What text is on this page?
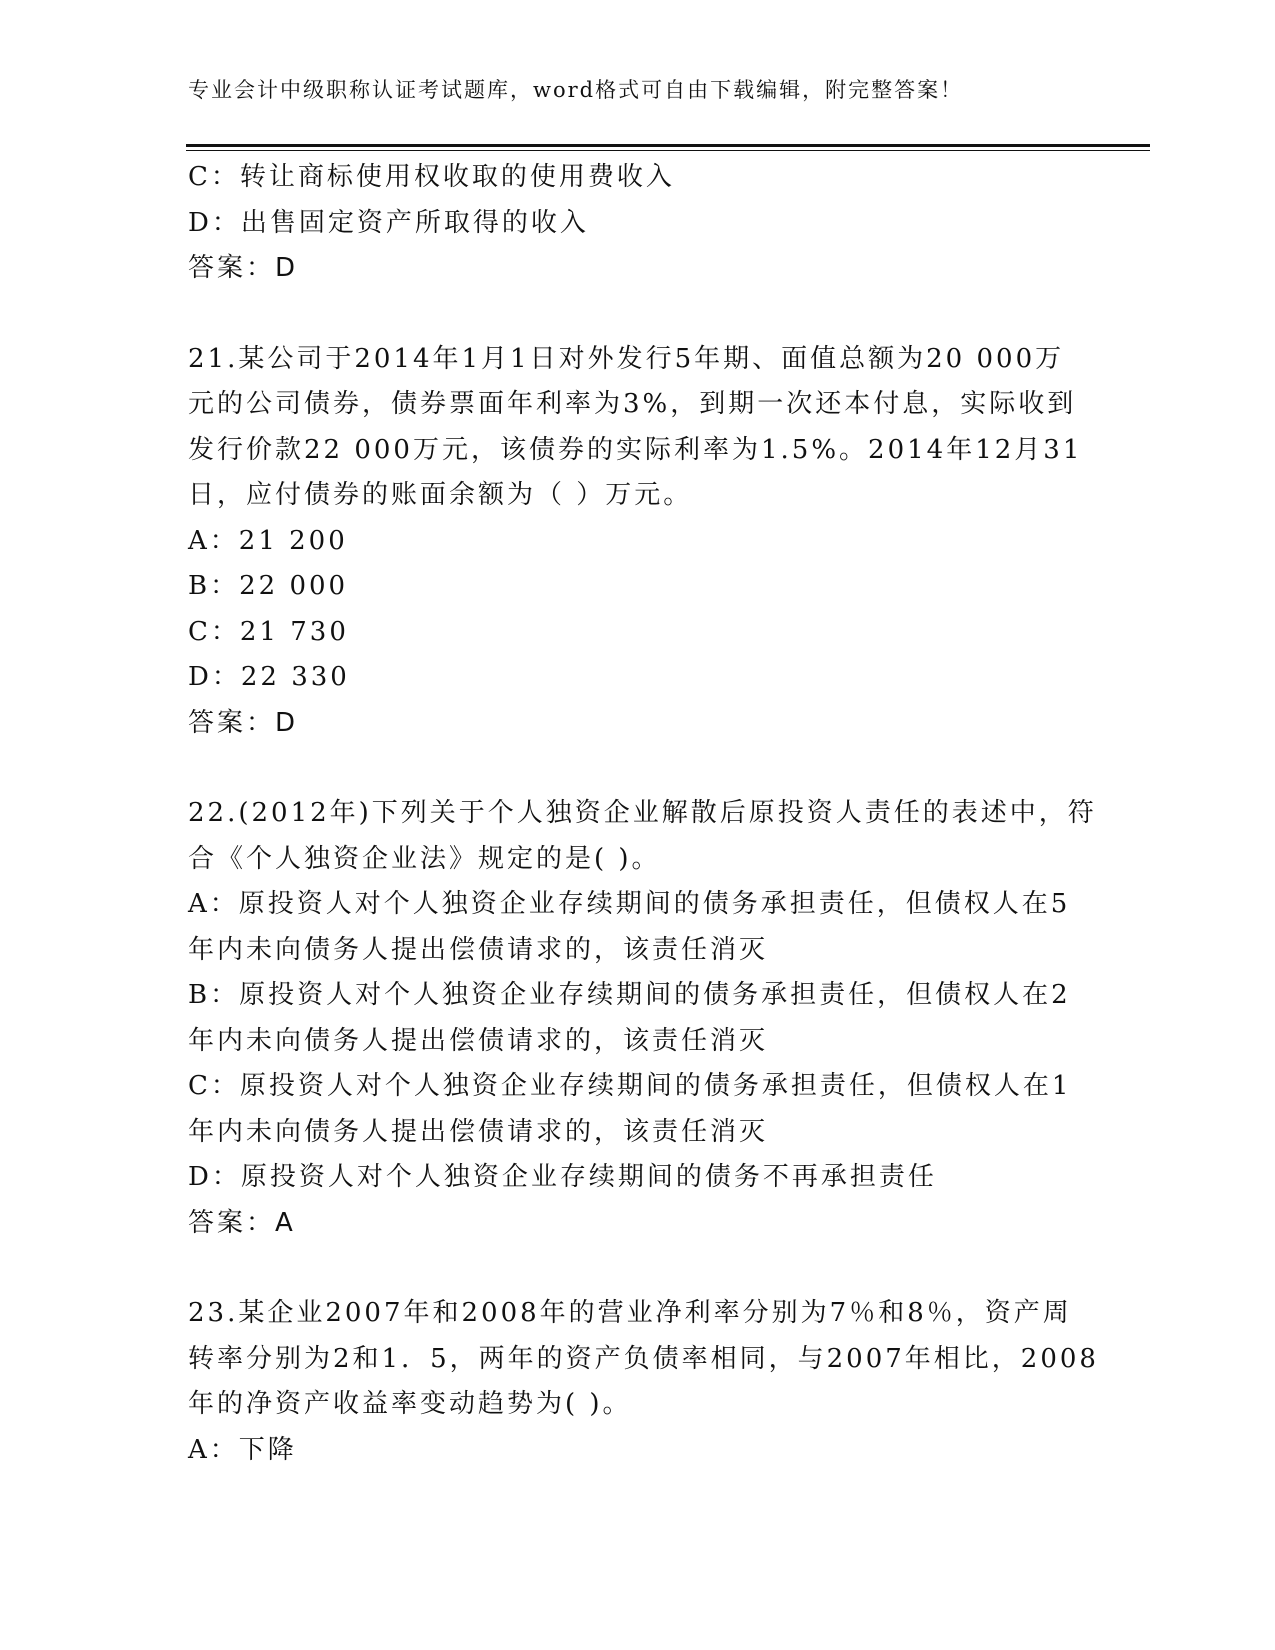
专业会计中级职称认证考试题库，word格式可自由下载编辑，附完整答案！
C：转让商标使用权收取的使用费收入
D：出售固定资产所取得的收入
答案：D
21.某公司于2014年1月1日对外发行5年期、面值总额为20 000万
元的公司债券，债券票面年利率为3%，到期一次还本付息，实际收到
发行价款22 000万元，该债券的实际利率为1.5%。2014年12月31
日，应付债券的账面余额为（ ）万元。
A：21 200
B：22 000
C：21 730
D：22 330
答案：D
22.(2012年)下列关于个人独资企业解散后原投资人责任的表述中，符
合《个人独资企业法》规定的是( )。
A：原投资人对个人独资企业存续期间的债务承担责任，但债权人在5
年内未向债务人提出偿债请求的，该责任消灭
B：原投资人对个人独资企业存续期间的债务承担责任，但债权人在2
年内未向债务人提出偿债请求的，该责任消灭
C：原投资人对个人独资企业存续期间的债务承担责任，但债权人在1
年内未向债务人提出偿债请求的，该责任消灭
D：原投资人对个人独资企业存续期间的债务不再承担责任
答案：A
23.某企业2007年和2008年的营业净利率分别为7％和8％，资产周
转率分别为2和1．5，两年的资产负债率相同，与2007年相比，2008
年的净资产收益率变动趋势为( )。
A：下降
